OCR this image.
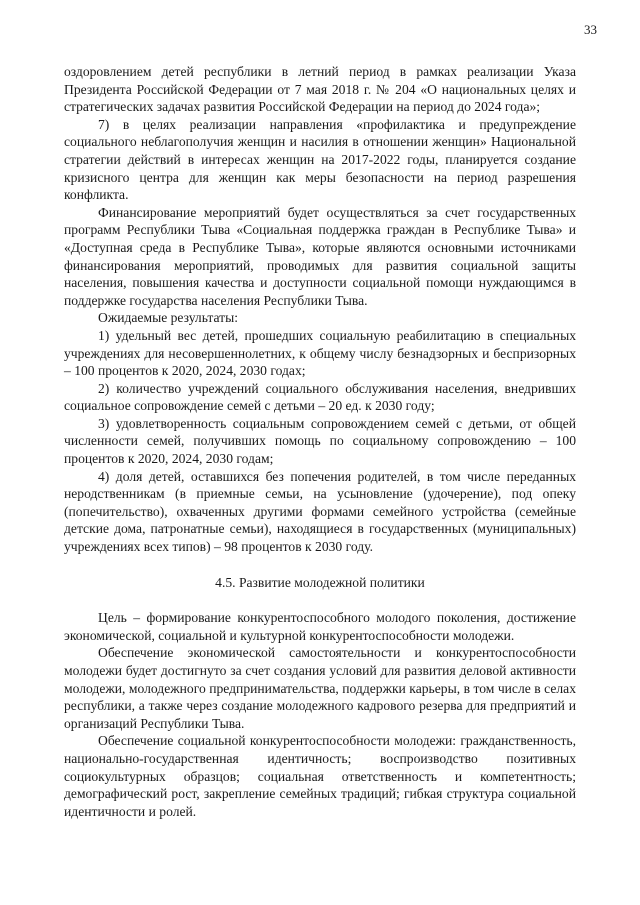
33

оздоровлением детей республики в летний период в рамках реализации Указа Президента Российской Федерации от 7 мая 2018 г. № 204 «О национальных целях и стратегических задачах развития Российской Федерации на период до 2024 года»;

7) в целях реализации направления «профилактика и предупреждение социального неблагополучия женщин и насилия в отношении женщин» Национальной стратегии действий в интересах женщин на 2017-2022 годы, планируется создание кризисного центра для женщин как меры безопасности на период разрешения конфликта.

Финансирование мероприятий будет осуществляться за счет государственных программ Республики Тыва «Социальная поддержка граждан в Республике Тыва» и «Доступная среда в Республике Тыва», которые являются основными источниками финансирования мероприятий, проводимых для развития социальной защиты населения, повышения качества и доступности социальной помощи нуждающимся в поддержке государства населения Республики Тыва.

Ожидаемые результаты:

1) удельный вес детей, прошедших социальную реабилитацию в специальных учреждениях для несовершеннолетних, к общему числу безнадзорных и беспризорных – 100 процентов к 2020, 2024, 2030 годах;

2) количество учреждений социального обслуживания населения, внедривших социальное сопровождение семей с детьми – 20 ед. к 2030 году;

3) удовлетворенность социальным сопровождением семей с детьми, от общей численности семей, получивших помощь по социальному сопровождению – 100 процентов к 2020, 2024, 2030 годам;

4) доля детей, оставшихся без попечения родителей, в том числе переданных неродственникам (в приемные семьи, на усыновление (удочерение), под опеку (попечительство), охваченных другими формами семейного устройства (семейные детские дома, патронатные семьи), находящиеся в государственных (муниципальных) учреждениях всех типов) – 98 процентов к 2030 году.

4.5. Развитие молодежной политики

Цель – формирование конкурентоспособного молодого поколения, достижение экономической, социальной и культурной конкурентоспособности молодежи.

Обеспечение экономической самостоятельности и конкурентоспособности молодежи будет достигнуто за счет создания условий для развития деловой активности молодежи, молодежного предпринимательства, поддержки карьеры, в том числе в селах республики, а также через создание молодежного кадрового резерва для предприятий и организаций Республики Тыва.

Обеспечение социальной конкурентоспособности молодежи: гражданственность, национально-государственная идентичность; воспроизводство позитивных социокультурных образцов; социальная ответственность и компетентность; демографический рост, закрепление семейных традиций; гибкая структура социальной идентичности и ролей.
